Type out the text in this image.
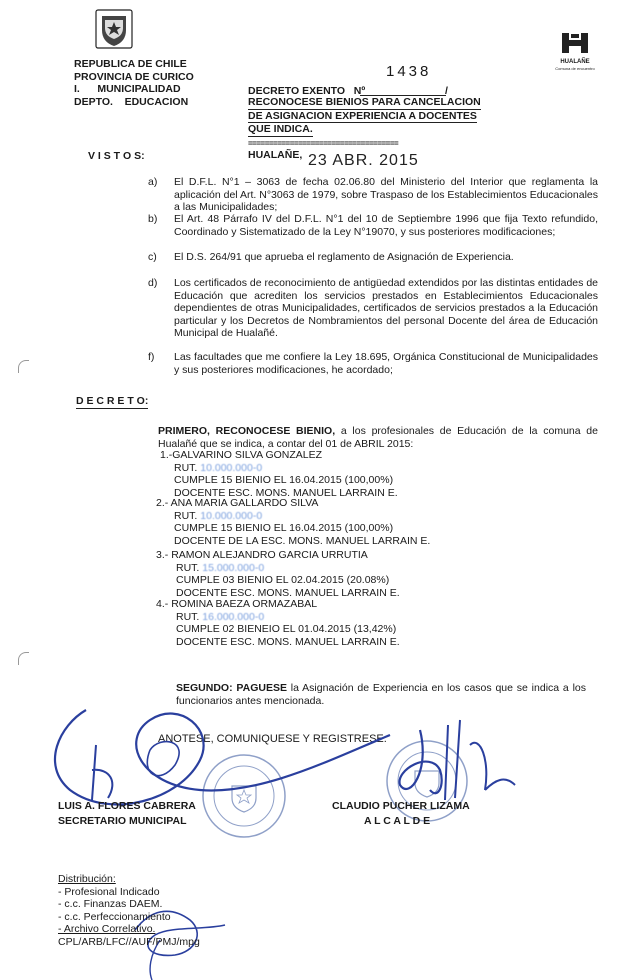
REPUBLICA DE CHILE
PROVINCIA DE CURICO
I.      MUNICIPALIDAD
DEPTO.    EDUCACION
HUALAÑE
Comuna de encuentro
DECRETO EXENTO   Nº
1438
/
RECONOCESE BIENIOS PARA CANCELACION DE ASIGNACION EXPERIENCIA A DOCENTES QUE INDICA.
====================================
HUALAÑE, 23 ABR. 2015
V I S T O S:
a)	El D.F.L. N°1 – 3063 de fecha 02.06.80 del Ministerio del Interior que reglamenta la aplicación del Art. N°3063 de 1979, sobre Traspaso de los Establecimientos Educacionales a las Municipalidades;
b)	El Art. 48 Párrafo IV del D.F.L. N°1 del 10 de Septiembre 1996 que fija Texto refundido, Coordinado y Sistematizado de la Ley N°19070, y sus posteriores modificaciones;
c)	El D.S. 264/91 que aprueba el reglamento de Asignación de Experiencia.
d)	Los certificados de reconocimiento de antigüedad extendidos por las distintas entidades de Educación que acrediten los servicios prestados en Establecimientos Educacionales dependientes de otras Municipalidades, certificados de servicios prestados a la Educación particular y los Decretos de Nombramientos del personal Docente del área de Educación Municipal de Hualañé.
f)	Las facultades que me confiere la Ley 18.695, Orgánica Constitucional de Municipalidades y sus posteriores modificaciones, he acordado;
D E C R E T O:
PRIMERO, RECONOCESE BIENIO, a los profesionales de Educación de la comuna de Hualañé que se indica, a contar del 01 de ABRIL 2015:
1.-GALVARINO SILVA GONZALEZ
RUT. 10.000.000-0
CUMPLE 15 BIENIO EL 16.04.2015 (100,00%)
DOCENTE ESC. MONS. MANUEL LARRAIN E.
2.- ANA MARIA GALLARDO SILVA
RUT. 10.000.000-0
CUMPLE 15 BIENIO EL 16.04.2015 (100,00%)
DOCENTE DE LA ESC. MONS. MANUEL LARRAIN E.
3.- RAMON ALEJANDRO GARCIA URRUTIA
RUT. 15.000.000-0
CUMPLE 03 BIENIO EL 02.04.2015 (20.08%)
DOCENTE ESC. MONS. MANUEL LARRAIN E.
4.- ROMINA BAEZA ORMAZABAL
RUT. 16.000.000-0
CUMPLE 02 BIENEIO EL 01.04.2015 (13,42%)
DOCENTE ESC. MONS. MANUEL LARRAIN E.
SEGUNDO: PAGUESE la Asignación de Experiencia en los casos que se indica a los funcionarios antes mencionada.
ANOTESE, COMUNIQUESE Y REGISTRESE.
LUIS A. FLORES CABRERA
SECRETARIO MUNICIPAL
CLAUDIO PUCHER LIZAMA
A L C A L D E
Distribución:
- Profesional Indicado
- c.c. Finanzas DAEM.
- c.c. Perfeccionamiento
- Archivo Correlativo.
CPL/ARB/LFC//AUF/PMJ/mpg
